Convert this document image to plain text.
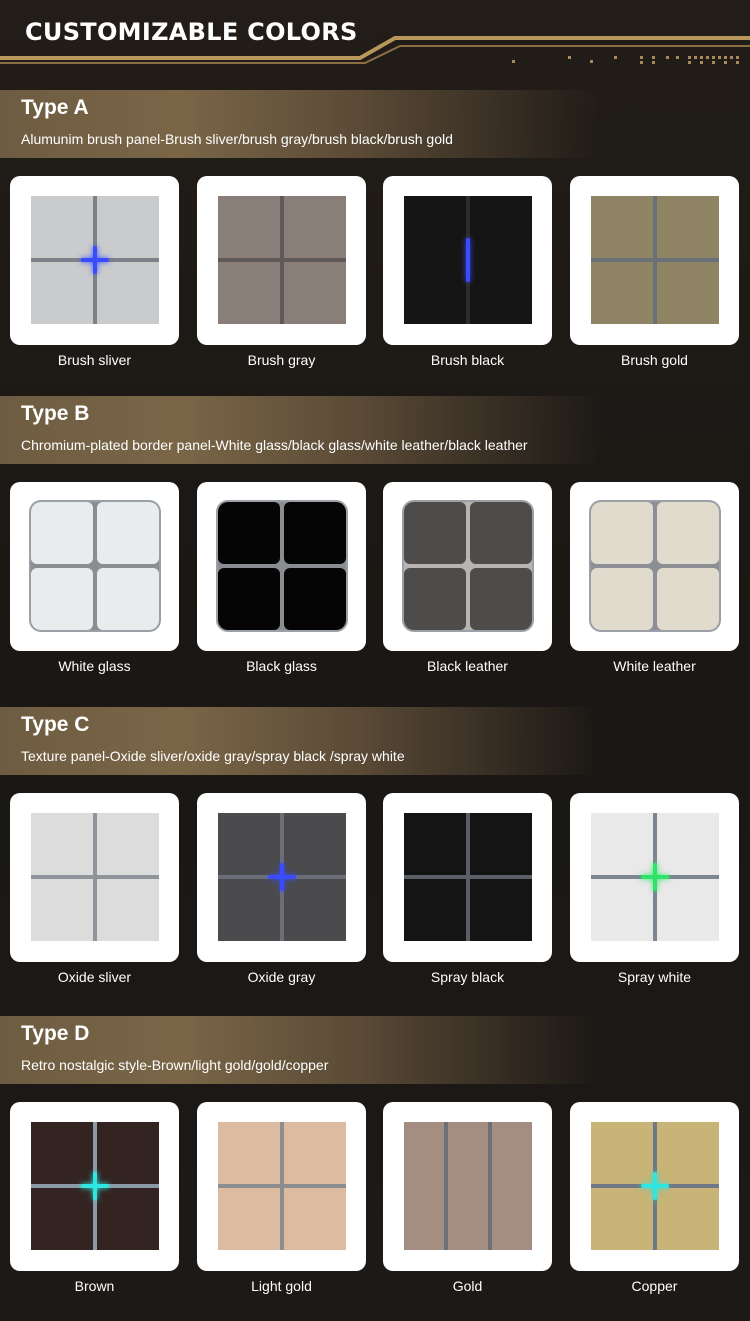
CUSTOMIZABLE COLORS
Type A
Alumunim brush panel-Brush sliver/brush gray/brush black/brush gold
Brush sliver	Brush gray	Brush black	Brush gold
Type B
Chromium-plated border panel-White glass/black glass/white leather/black leather
White glass	Black glass	Black leather	White leather
Type C
Texture panel-Oxide sliver/oxide gray/spray black /spray white
Oxide sliver	Oxide gray	Spray black	Spray white
Type D
Retro nostalgic style-Brown/light gold/gold/copper
Brown	Light gold	Gold	Copper
